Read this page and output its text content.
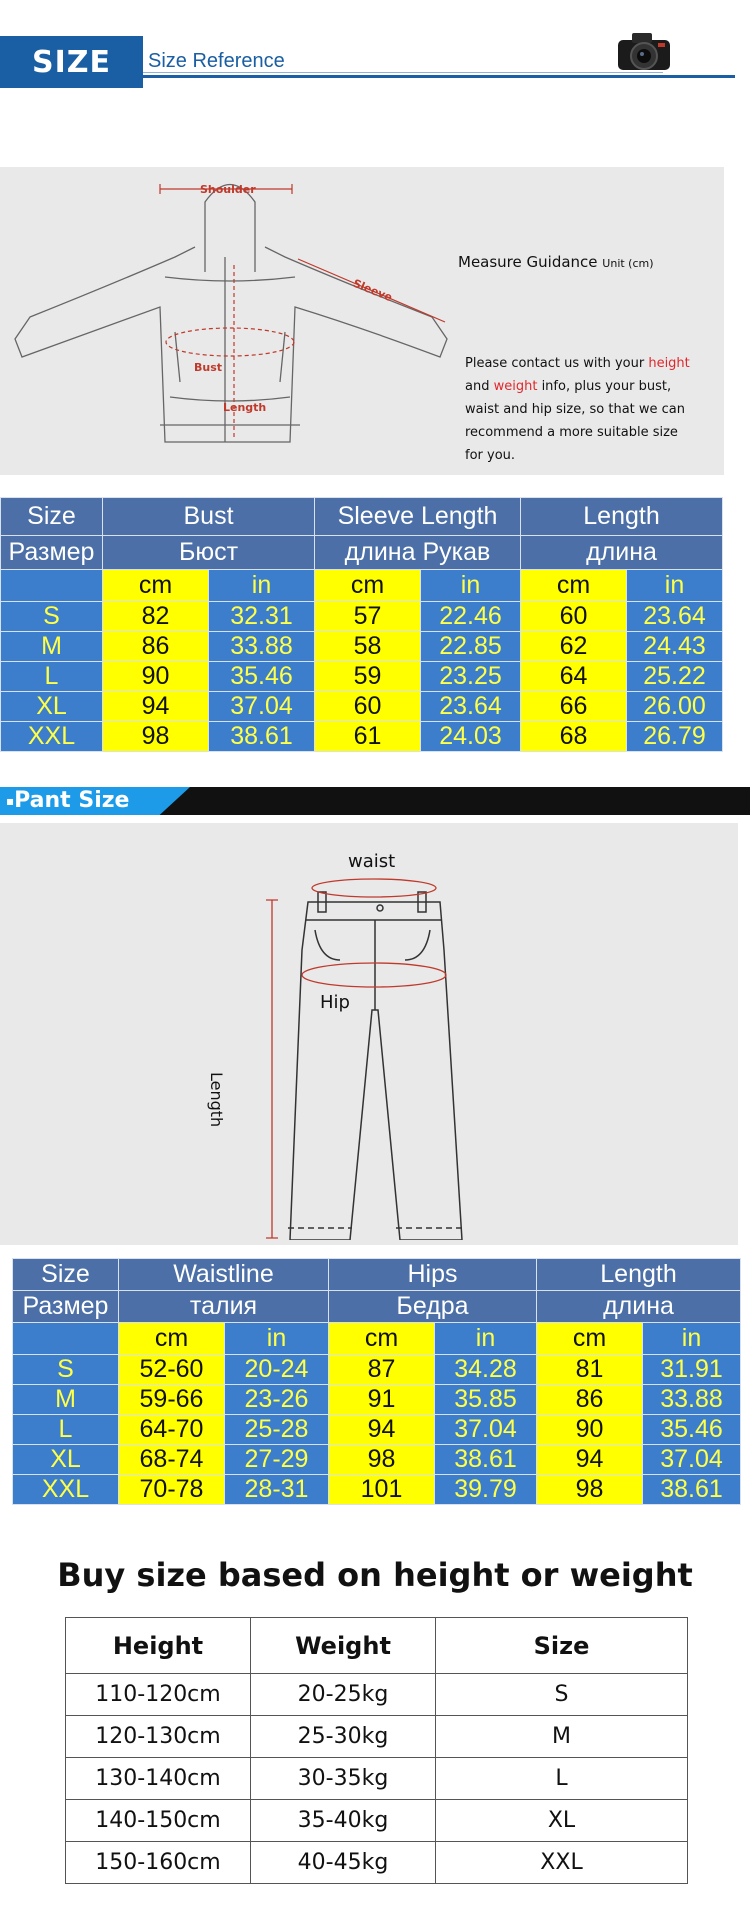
SIZE	Size Reference
Shoulder
Sleeve
Bust
Length
Measure Guidance Unit (cm)
Please contact us with your height
and weight info, plus your bust,
waist and hip size, so that we can
recommend a more suitable size
for you.
Size	Bust		Sleeve Length		Length	
Размер	Бюст		длина Рукав		длина	
	cm	in	cm	in	cm	in
S	82	32.31	57	22.46	60	23.64
M	86	33.88	58	22.85	62	24.43
L	90	35.46	59	23.25	64	25.22
XL	94	37.04	60	23.64	66	26.00
XXL	98	38.61	61	24.03	68	26.79
▪Pant Size
waist
Hip
Length
Size	Waistline		Hips		Length	
Размер	талия		Бедра		длина	
	cm	in	cm	in	cm	in
S	52-60	20-24	87	34.28	81	31.91
M	59-66	23-26	91	35.85	86	33.88
L	64-70	25-28	94	37.04	90	35.46
XL	68-74	27-29	98	38.61	94	37.04
XXL	70-78	28-31	101	39.79	98	38.61
Buy size based on height or weight
Height	Weight	Size
110-120cm	20-25kg	S
120-130cm	25-30kg	M
130-140cm	30-35kg	L
140-150cm	35-40kg	XL
150-160cm	40-45kg	XXL
